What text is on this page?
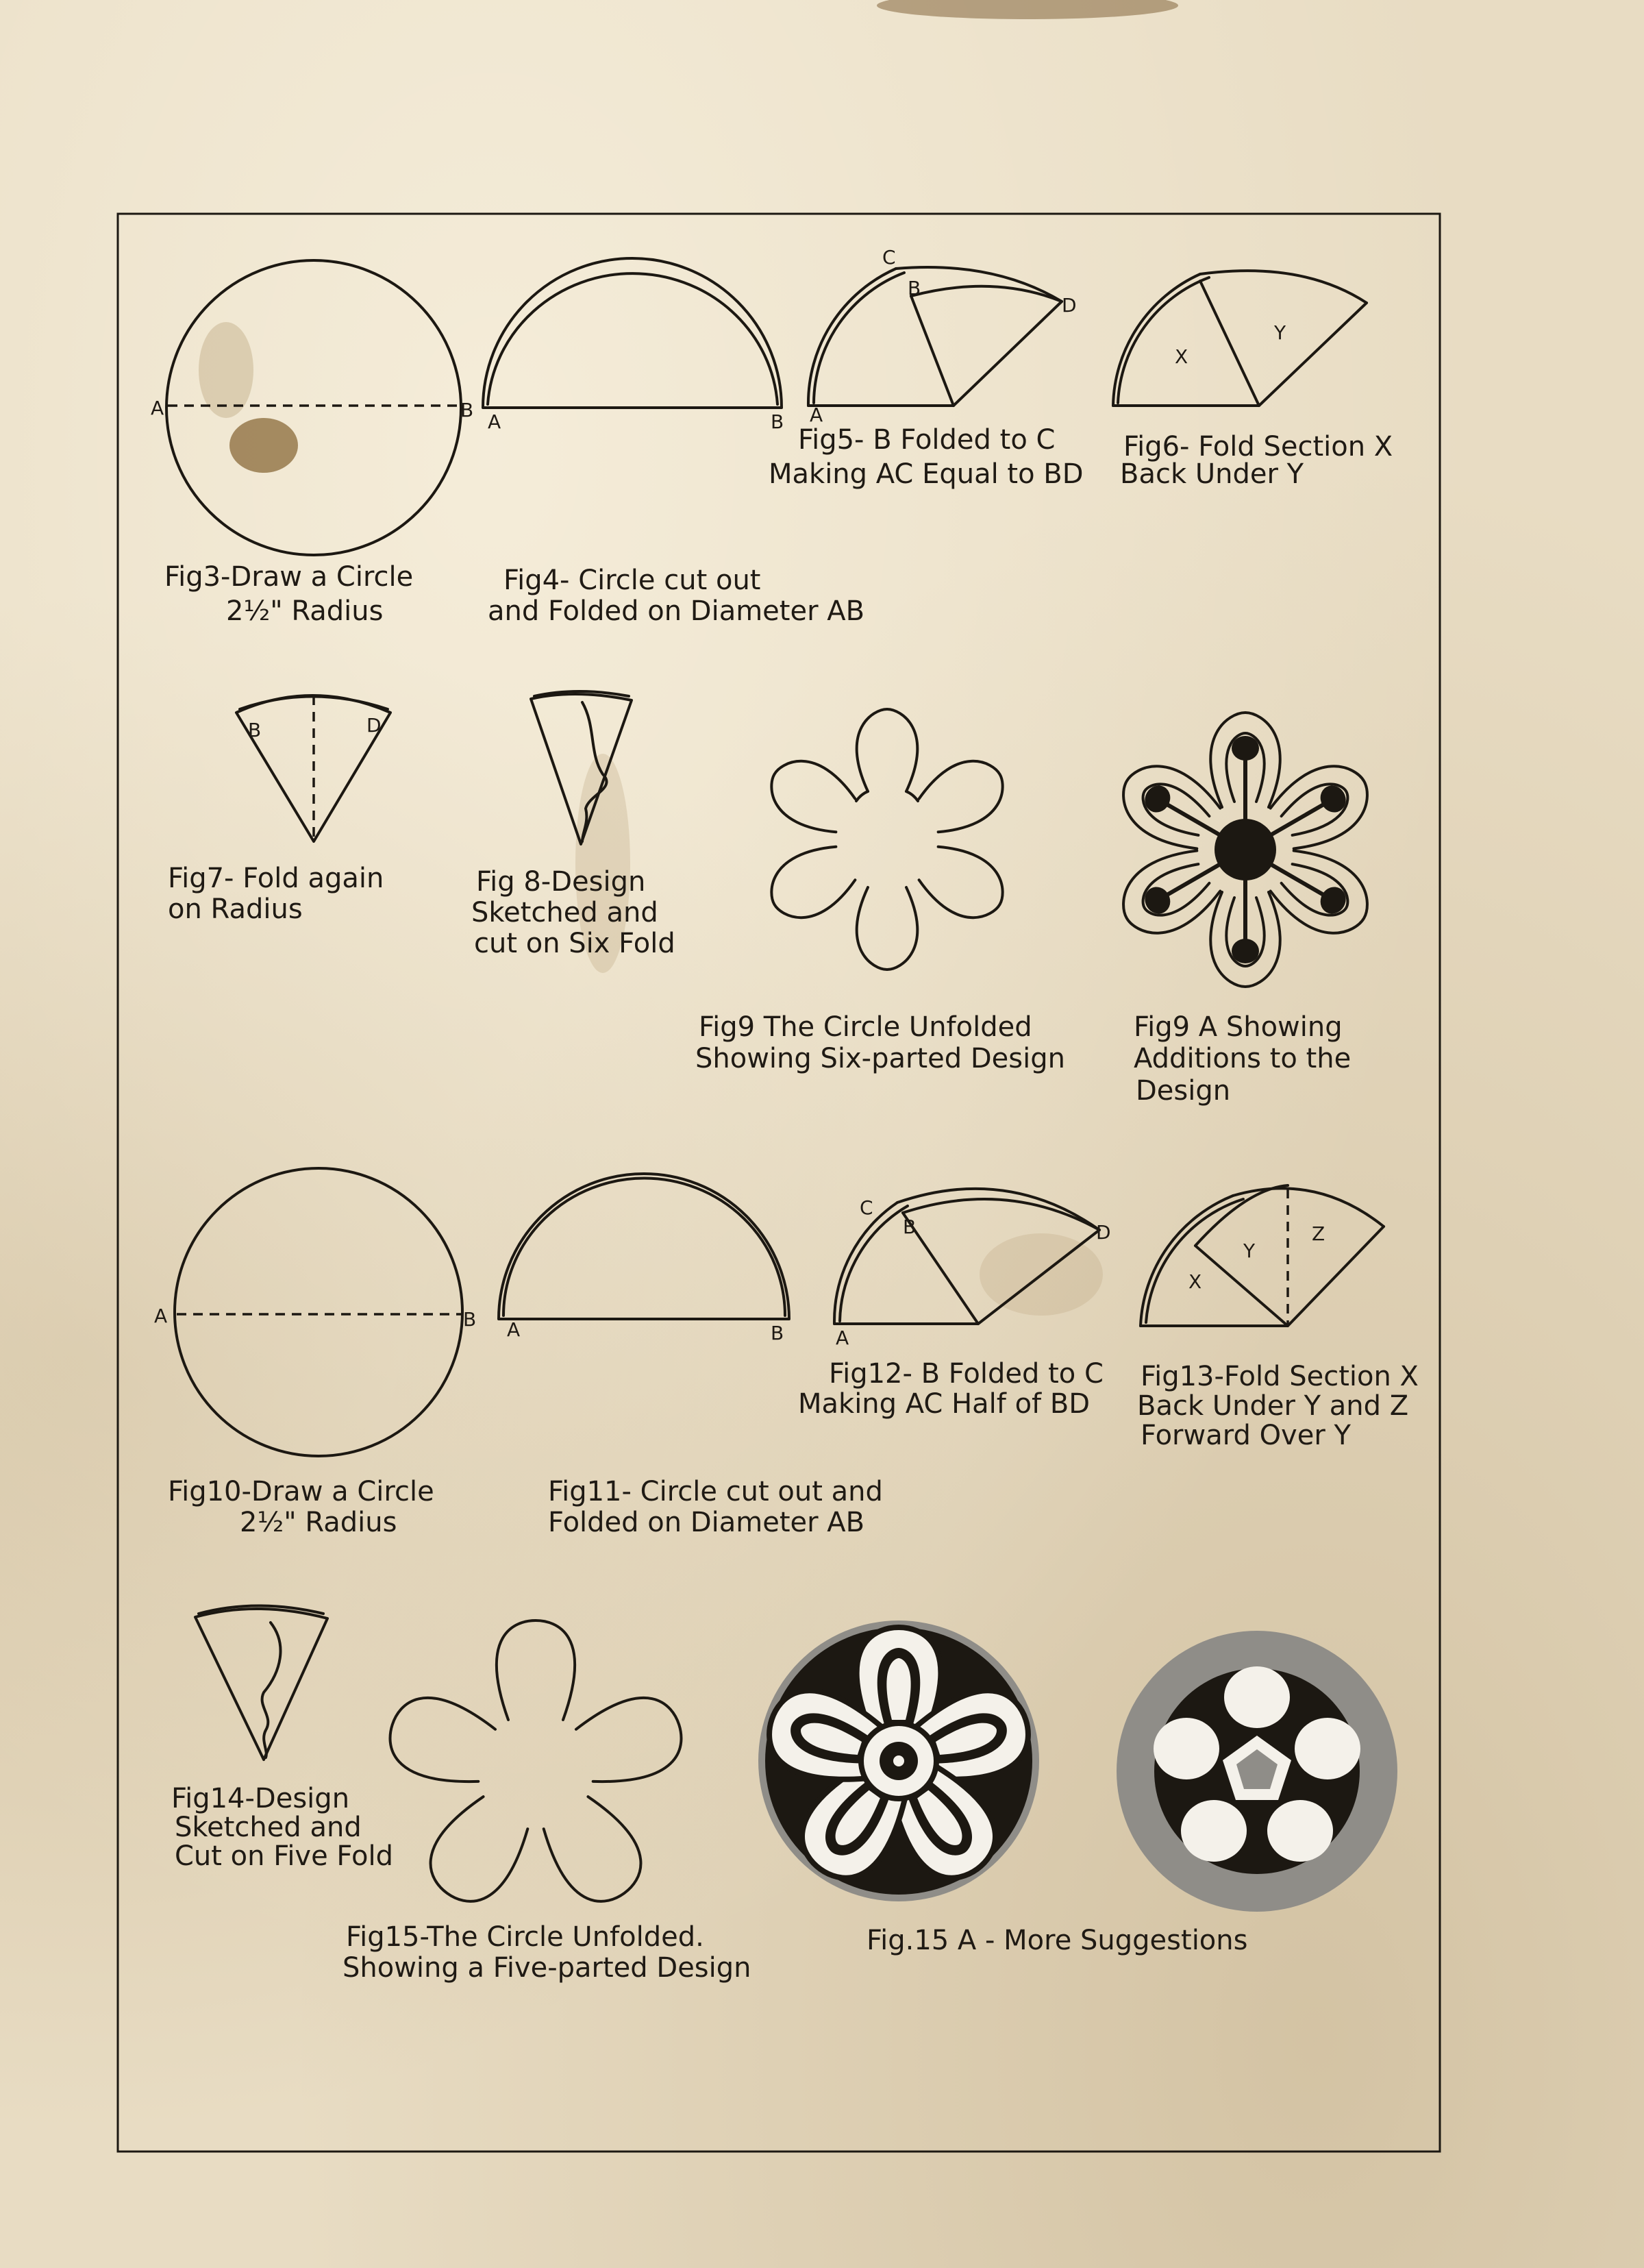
A	B
Fig3-Draw a Circle
2½" Radius
A	B
Fig4- Circle cut out
and Folded on Diameter AB
C
B
D
A
Fig5- B Folded to C
Making AC Equal to BD
X
Y
Fig6- Fold Section X
Back Under Y
B	D
Fig7- Fold again
on Radius
Fig 8-Design
Sketched and
cut on Six Fold
Fig9 The Circle Unfolded
Showing Six-parted Design
Fig9 A Showing
Additions to the
Design
A	B
Fig10-Draw a Circle
2½" Radius
A	B
Fig11- Circle cut out and
Folded on Diameter AB
C
B	D
A
Fig12- B Folded to C
Making AC Half of BD
X
Y
Z
Fig13-Fold Section X
Back Under Y and Z
Forward Over Y
Fig14-Design
Sketched and
Cut on Five Fold
Fig15-The Circle Unfolded.
Showing a Five-parted Design
Fig.15 A - More Suggestions
